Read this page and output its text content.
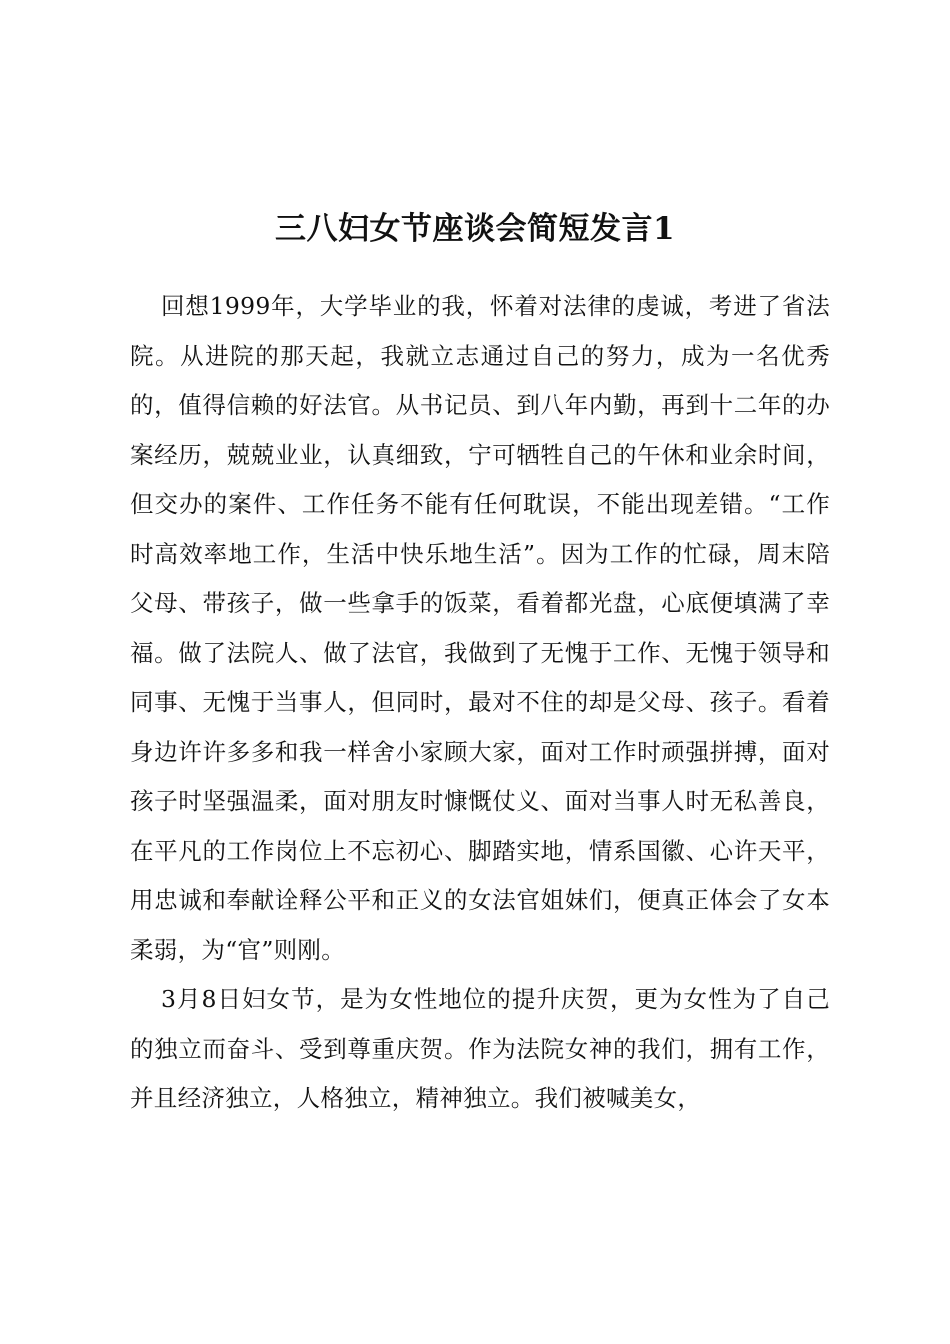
三八妇女节座谈会简短发言1

回想1999年，大学毕业的我，怀着对法律的虔诚，考进了省法院。从进院的那天起，我就立志通过自己的努力，成为一名优秀的，值得信赖的好法官。从书记员、到八年内勤，再到十二年的办案经历，兢兢业业，认真细致，宁可牺牲自己的午休和业余时间，但交办的案件、工作任务不能有任何耽误，不能出现差错。“工作时高效率地工作，生活中快乐地生活”。因为工作的忙碌，周末陪父母、带孩子，做一些拿手的饭菜，看着都光盘，心底便填满了幸福。做了法院人、做了法官，我做到了无愧于工作、无愧于领导和同事、无愧于当事人，但同时，最对不住的却是父母、孩子。看着身边许许多多和我一样舍小家顾大家，面对工作时顽强拼搏，面对孩子时坚强温柔，面对朋友时慷慨仗义、面对当事人时无私善良，在平凡的工作岗位上不忘初心、脚踏实地，情系国徽、心许天平，用忠诚和奉献诠释公平和正义的女法官姐妹们，便真正体会了女本柔弱，为“官”则刚。

3月8日妇女节，是为女性地位的提升庆贺，更为女性为了自己的独立而奋斗、受到尊重庆贺。作为法院女神的我们，拥有工作，并且经济独立，人格独立，精神独立。我们被喊美女，
